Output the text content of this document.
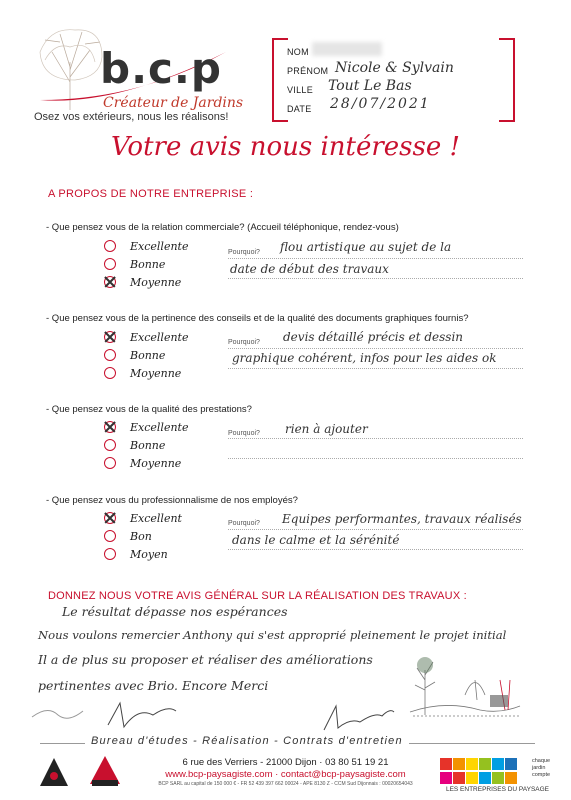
b.c.p
Créateur de Jardins
Osez vos extérieurs, nous les réalisons!
NOM
PRÉNOM Nicole & Sylvain
VILLE Tout Le Bas
DATE 28/07/2021
Votre avis nous intéresse !
A PROPOS DE NOTRE ENTREPRISE :
- Que pensez vous de la relation commerciale? (Accueil téléphonique, rendez-vous)
Excellente
Bonne
Moyenne
Pourquoi? flou artistique au sujet de la
date de début des travaux
- Que pensez vous de la pertinence des conseils et de la qualité des documents graphiques fournis?
Excellente
Bonne
Moyenne
Pourquoi? devis détaillé précis et dessin
graphique cohérent, infos pour les aides ok
- Que pensez vous de la qualité des prestations?
Excellente
Bonne
Moyenne
Pourquoi? rien à ajouter
- Que pensez vous du professionnalisme de nos employés?
Excellent
Bon
Moyen
Pourquoi? Equipes performantes, travaux réalisés
dans le calme et la sérénité
DONNEZ NOUS VOTRE AVIS GÉNÉRAL SUR LA RÉALISATION DES TRAVAUX :
Le résultat dépasse nos espérances
Nous voulons remercier Anthony qui s'est approprié pleinement le projet initial
Il a de plus su proposer et réaliser des améliorations
pertinentes avec Brio. Encore Merci
Bureau d'études - Réalisation - Contrats d'entretien
6 rue des Verriers - 21000 Dijon · 03 80 51 19 21
www.bcp-paysagiste.com · contact@bcp-paysagiste.com
BCP SARL au capital de 150 000 € - FR 52 439 397 662 00024 - APE 8130 Z - CCM Sud Dijonnais : 00020654043
chaque jardin compte
LES ENTREPRISES DU PAYSAGE
